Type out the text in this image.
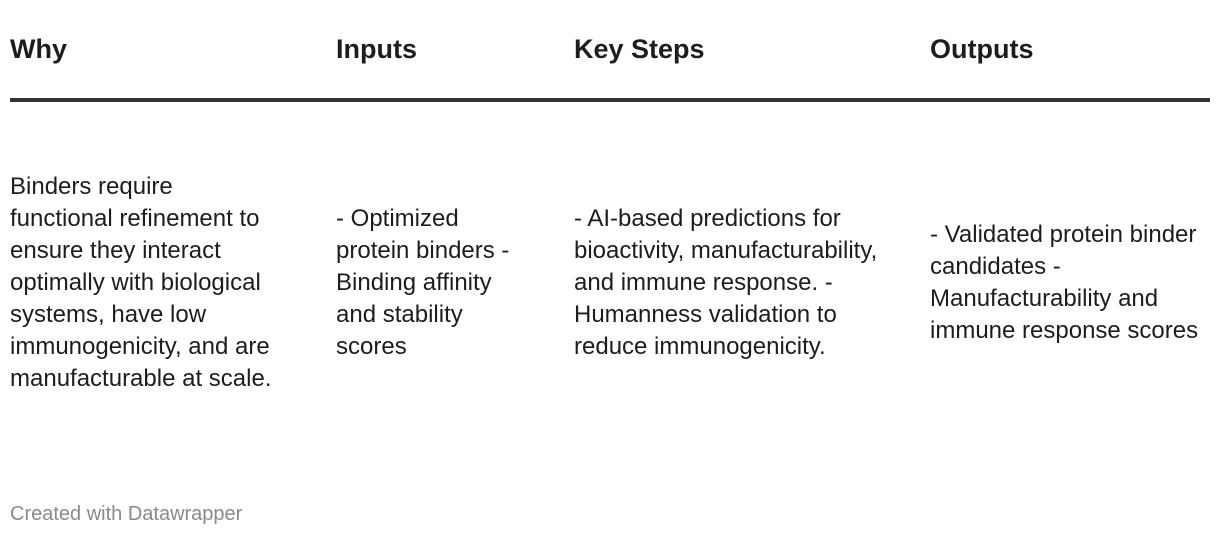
Why	Inputs	Key Steps	Outputs

Binders require functional refinement to ensure they interact optimally with biological systems, have low immunogenicity, and are manufacturable at scale.	- Optimized protein binders - Binding affinity and stability scores	- AI-based predictions for bioactivity, manufacturability, and immune response. - Humanness validation to reduce immunogenicity.	- Validated protein binder candidates - Manufacturability and immune response scores
Created with Datawrapper
